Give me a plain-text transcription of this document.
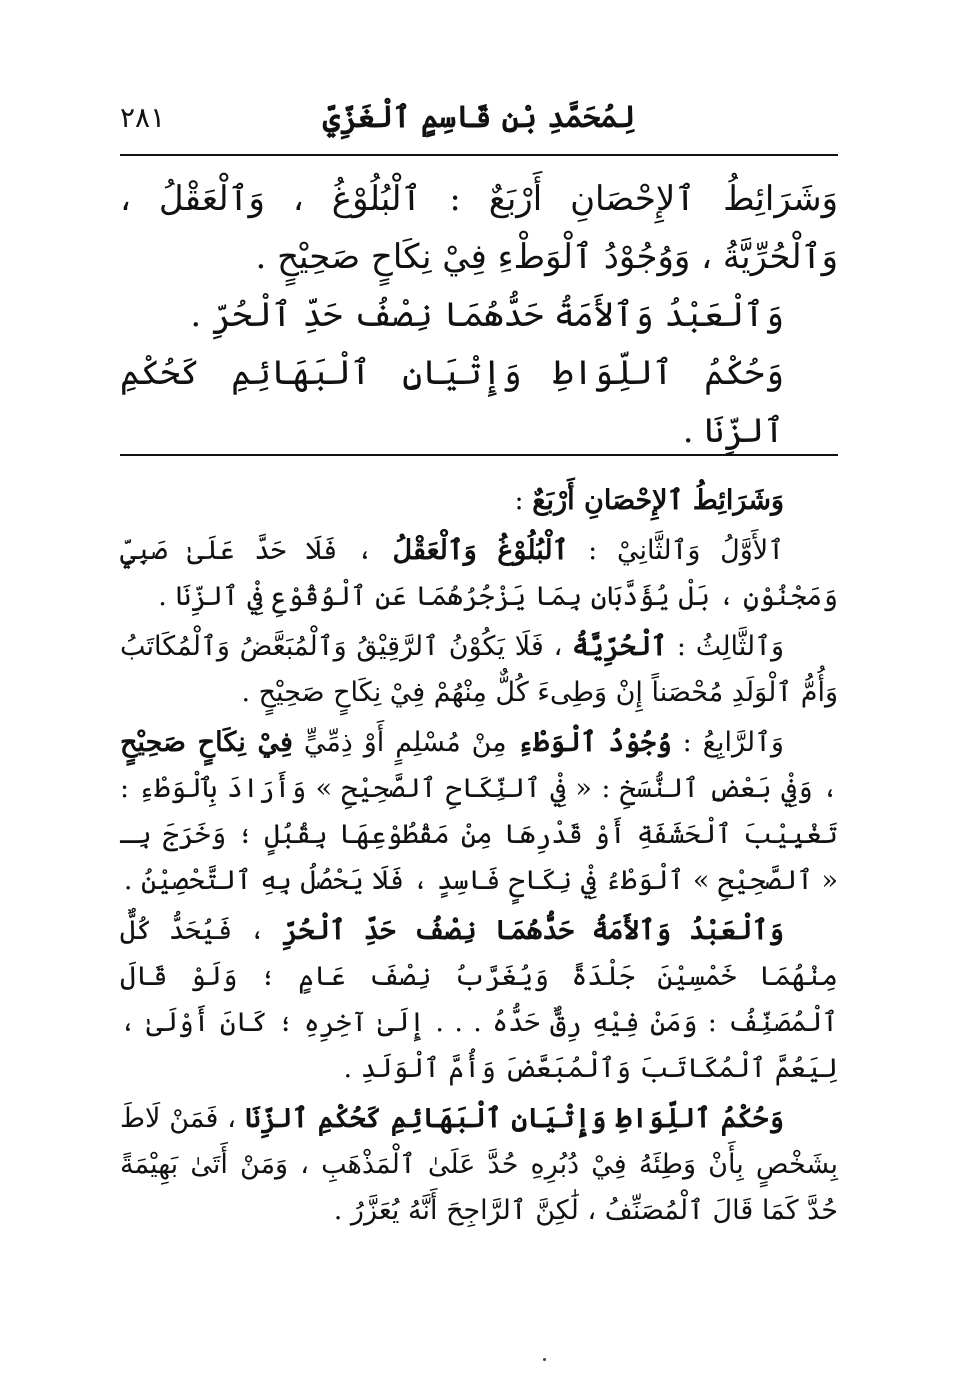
لِمُحَمَّدِ بْنِ قَاسِمٍ ٱلْغَزِّيِّ
٢٨١

وَشَرَائِطُ ٱلإِحْصَانِ أَرْبَعٌ : ٱلْبُلُوْغُ ، وَٱلْعَقْلُ ، وَٱلْحُرِّيَّةُ ، وَوُجُوْدُ ٱلْوَطْءِ فِيْ نِكَاحٍ صَحِيْحٍ .

وَٱلْعَبْدُ وَٱلأَمَةُ حَدُّهُمَا نِصْفُ حَدِّ ٱلْحُرِّ .

وَحُكْمُ ٱللِّوَاطِ وَإِتْيَانِ ٱلْبَهَائِمِ كَحُكْمِ ٱلزِّنَا .

وَشَرَائِطُ ٱلإِحْصَانِ أَرْبَعٌ :

ٱلأَوَّلُ وَٱلثَّانِيْ : ٱلْبُلُوْغُ وَٱلْعَقْلُ ، فَلَا حَدَّ عَلَىٰ صَبِيٍّ وَمَجْنُوْنٍ ، بَلْ يُؤَدَّبَانِ بِمَا يَزْجُرُهُمَا عَنِ ٱلْوُقُوْعِ فِيْ ٱلزِّنَا .

وَٱلثَّالِثُ : ٱلْحُرِّيَّةُ ، فَلَا يَكُوْنُ ٱلرَّقِيْقُ وَٱلْمُبَعَّضُ وَٱلْمُكَاتَبُ وَأُمُّ ٱلْوَلَدِ مُحْصَناً إِنْ وَطِىءَ كُلٌّ مِنْهُمْ فِيْ نِكَاحٍ صَحِيْحٍ .

وَٱلرَّابِعُ : وُجُوْدُ ٱلْوَطْءِ مِنْ مُسْلِمٍ أَوْ ذِمِّيٍّ فِيْ نِكَاحٍ صَحِيْحٍ ، وَفِيْ بَعْضِ ٱلنُّسَخِ : « فِيْ ٱلنِّكَاحِ ٱلصَّحِيْحِ » وَأَرَادَ بِٱلْوَطْءِ : تَغْيِيْبَ ٱلْحَشَفَةِ أَوْ قَدْرِهَا مِنْ مَقْطُوْعِهَا بِقُبُلٍ ؛ وَخَرَجَ بِـ « ٱلصَّحِيْحِ » ٱلْوَطْءُ فِيْ نِكَاحٍ فَاسِدٍ ، فَلَا يَحْصُلُ بِهِ ٱلتَّحْصِيْنُ .

وَٱلْعَبْدُ وَٱلأَمَةُ حَدُّهُمَا نِصْفُ حَدِّ ٱلْحُرِّ ، فَيُحَدُّ كُلٌّ مِنْهُمَا خَمْسِيْنَ جَلْدَةً وَيُغَرَّبُ نِصْفَ عَامٍ ؛ وَلَوْ قَالَ ٱلْمُصَنِّفُ : وَمَنْ فِيْهِ رِقٌّ حَدُّهُ . . . إِلَىٰ آخِرِهِ ؛ كَانَ أَوْلَىٰ ، لِيَعُمَّ ٱلْمُكَاتَبَ وَٱلْمُبَعَّضَ وَأُمَّ ٱلْوَلَدِ .

وَحُكْمُ ٱللِّوَاطِ وَإِتْيَانِ ٱلْبَهَائِمِ كَحُكْمِ ٱلزِّنَا ، فَمَنْ لَاطَ بِشَخْصٍ بِأَنْ وَطِئَهُ فِيْ دُبُرِهِ حُدَّ عَلَىٰ ٱلْمَذْهَبِ ، وَمَنْ أَتَىٰ بَهِيْمَةً حُدَّ كَمَا قَالَ ٱلْمُصَنِّفُ ، لَٰكِنَّ ٱلرَّاجِحَ أَنَّهُ يُعَزَّرُ .
